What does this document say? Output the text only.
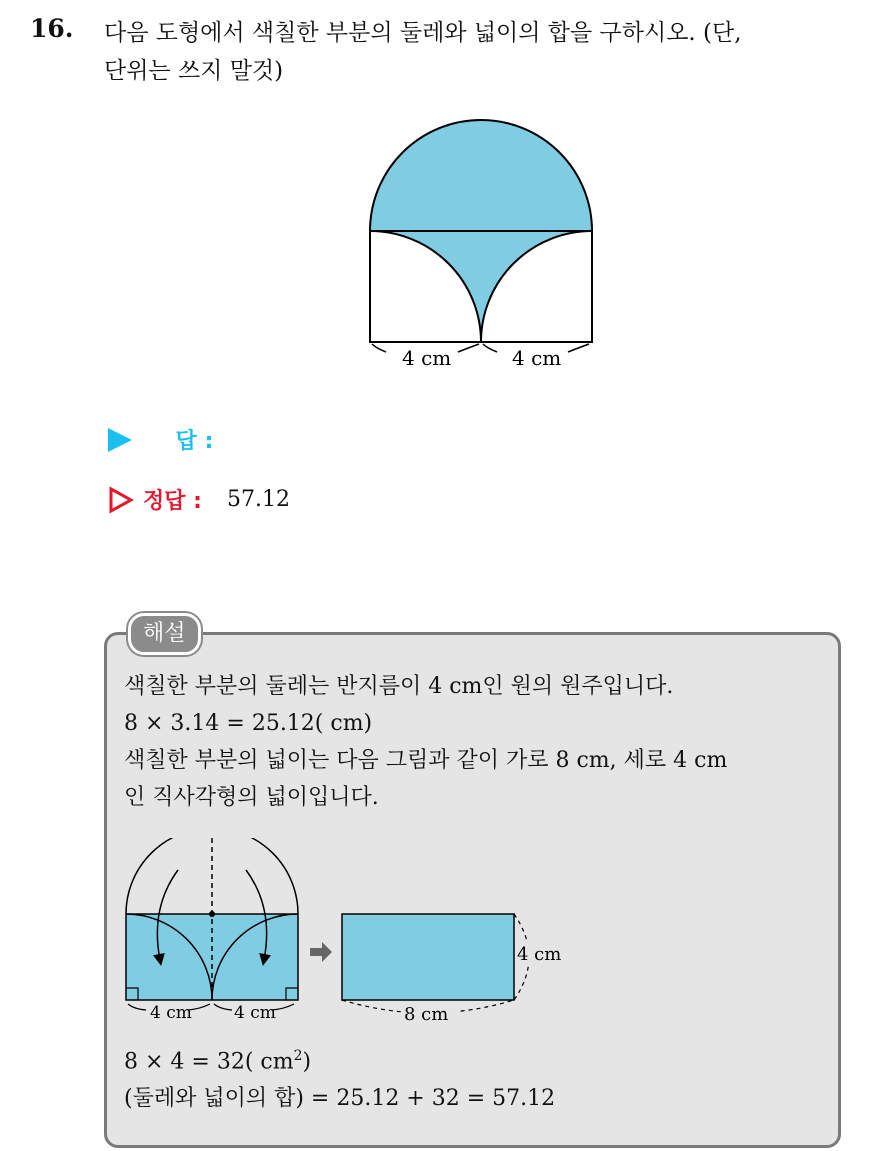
16. 다음 도형에서 색칠한 부분의 둘레와 넓이의 합을 구하시오. (단,
단위는 쓰지 말것)
4 cm	4 cm
답 :
정답 : 57.12
해설
색칠한 부분의 둘레는 반지름이 4 cm인 원의 원주입니다.
8 × 3.14 = 25.12( cm)
색칠한 부분의 넓이는 다음 그림과 같이 가로 8 cm, 세로 4 cm
인 직사각형의 넓이입니다.
4 cm 4 cm
4 cm
8 cm
8 × 4 = 32( $cm^2$)
(둘레와 넓이의 합) = 25.12 + 32 = 57.12
